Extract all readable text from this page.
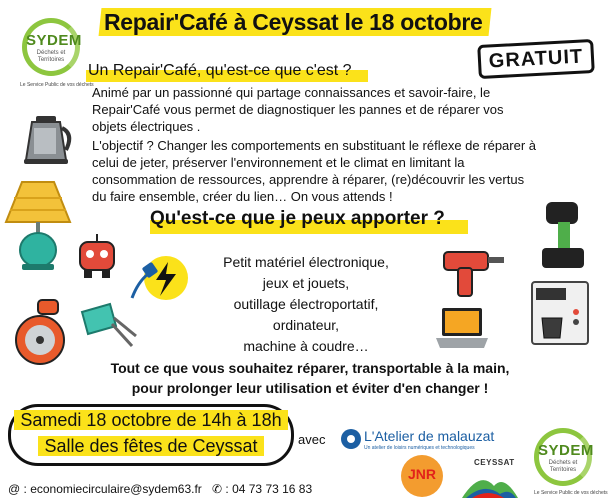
SYDEM
Déchets et Territoires
Le Service Public de vos déchets
Repair'Café à Ceyssat le 18 octobre
GRATUIT
Un Repair'Café, qu'est-ce que c'est ?
Animé par un passionné qui partage connaissances et savoir-faire, le
Repair'Café vous permet de diagnostiquer les pannes et de réparer vos
objets électriques .
L'objectif ? Changer les comportements en substituant le réflexe de réparer à
celui de jeter, préserver l'environnement et le climat en limitant la
consommation de ressources, apprendre à réparer, (re)découvrir les vertus
du faire ensemble, créer du lien… On vous attends !
Qu'est-ce que je peux apporter ?
Petit matériel électronique,
jeux et jouets,
outillage électroportatif,
ordinateur,
machine à coudre…
Tout ce que vous souhaitez réparer, transportable à la main,
pour prolonger leur utilisation et éviter d'en changer !
Samedi 18 octobre de 14h à 18h
Salle des fêtes de Ceyssat	avec	L'Atelier de malauzat
Un atelier de loisirs numériques et technologiques
JNR
CEYSSAT
SYDEM
Déchets et Territoires
Le Service Public de vos déchets
@ : economiecirculaire@sydem63.fr ✆ : 04 73 73 16 83
